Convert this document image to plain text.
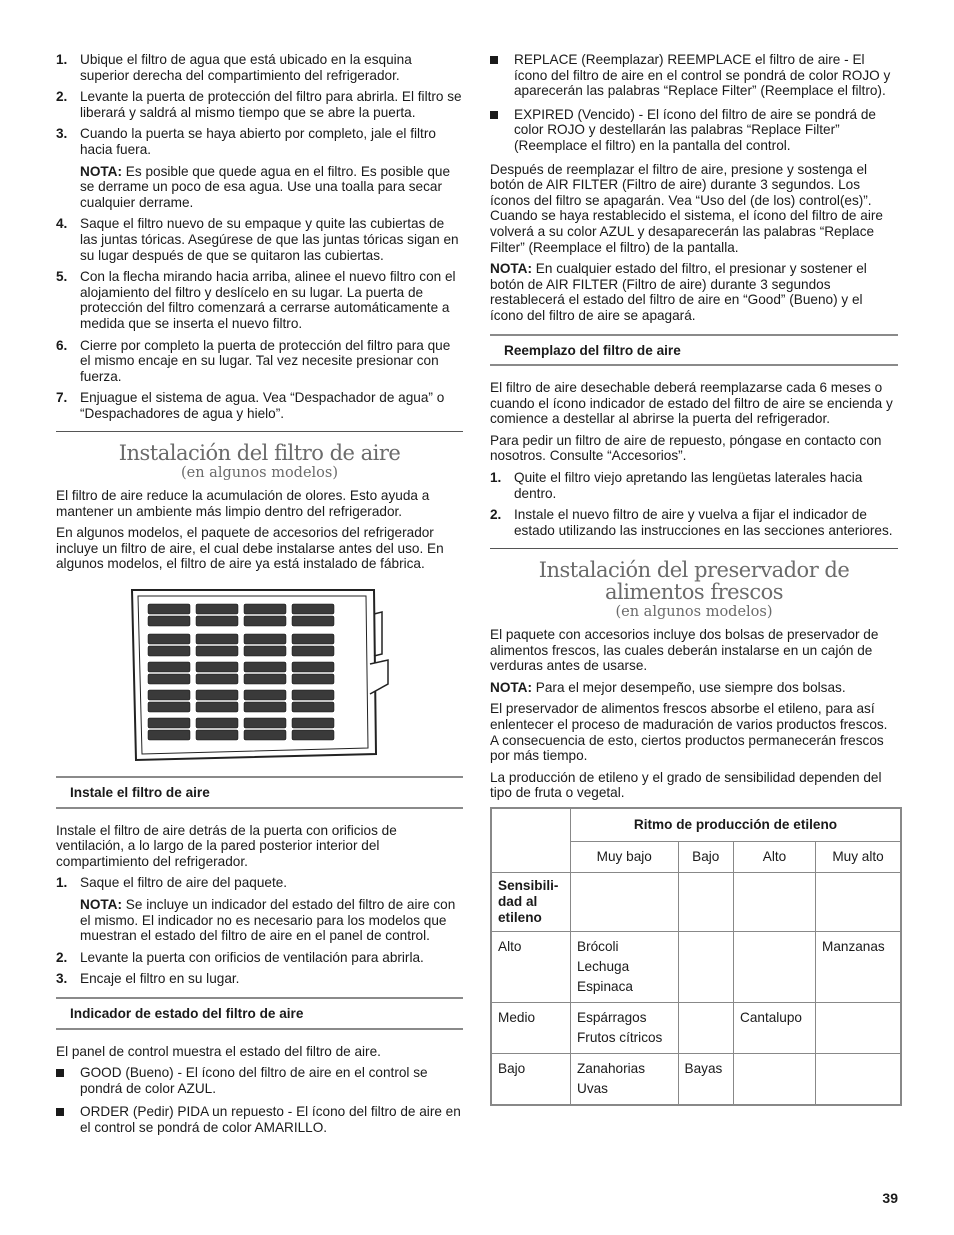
1. Ubique el filtro de agua que está ubicado en la esquina superior derecha del compartimiento del refrigerador.
2. Levante la puerta de protección del filtro para abrirla. El filtro se liberará y saldrá al mismo tiempo que se abre la puerta.
3. Cuando la puerta se haya abierto por completo, jale el filtro hacia fuera.
NOTA: Es posible que quede agua en el filtro. Es posible que se derrame un poco de esa agua. Use una toalla para secar cualquier derrame.
4. Saque el filtro nuevo de su empaque y quite las cubiertas de las juntas tóricas. Asegúrese de que las juntas tóricas sigan en su lugar después de que se quitaron las cubiertas.
5. Con la flecha mirando hacia arriba, alinee el nuevo filtro con el alojamiento del filtro y deslícelo en su lugar. La puerta de protección del filtro comenzará a cerrarse automáticamente a medida que se inserta el nuevo filtro.
6. Cierre por completo la puerta de protección del filtro para que el mismo encaje en su lugar. Tal vez necesite presionar con fuerza.
7. Enjuague el sistema de agua. Vea “Despachador de agua” o “Despachadores de agua y hielo”.
Instalación del filtro de aire
(en algunos modelos)

El filtro de aire reduce la acumulación de olores. Esto ayuda a mantener un ambiente más limpio dentro del refrigerador.

En algunos modelos, el paquete de accesorios del refrigerador incluye un filtro de aire, el cual debe instalarse antes del uso. En algunos modelos, el filtro de aire ya está instalado de fábrica.

Instale el filtro de aire

Instale el filtro de aire detrás de la puerta con orificios de ventilación, a lo largo de la pared posterior interior del compartimiento del refrigerador.

1. Saque el filtro de aire del paquete.
NOTA: Se incluye un indicador del estado del filtro de aire con el mismo. El indicador no es necesario para los modelos que muestran el estado del filtro de aire en el panel de control.
2. Levante la puerta con orificios de ventilación para abrirla.
3. Encaje el filtro en su lugar.
Indicador de estado del filtro de aire

El panel de control muestra el estado del filtro de aire.

GOOD (Bueno) - El ícono del filtro de aire en el control se pondrá de color AZUL.
ORDER (Pedir) PIDA un repuesto - El ícono del filtro de aire en el control se pondrá de color AMARILLO.
REPLACE (Reemplazar) REEMPLACE el filtro de aire - El ícono del filtro de aire en el control se pondrá de color ROJO y aparecerán las palabras “Replace Filter” (Reemplace el filtro).
EXPIRED (Vencido) - El ícono del filtro de aire se pondrá de color ROJO y destellarán las palabras “Replace Filter” (Reemplace el filtro) en la pantalla del control.

Después de reemplazar el filtro de aire, presione y sostenga el botón de AIR FILTER (Filtro de aire) durante 3 segundos. Los íconos del filtro se apagarán. Vea “Uso del (de los) control(es)”. Cuando se haya restablecido el sistema, el ícono del filtro de aire volverá a su color AZUL y desaparecerán las palabras “Replace Filter” (Reemplace el filtro) de la pantalla.

NOTA: En cualquier estado del filtro, el presionar y sostener el botón de AIR FILTER (Filtro de aire) durante 3 segundos restablecerá el estado del filtro de aire en “Good” (Bueno) y el ícono del filtro de aire se apagará.

Reemplazo del filtro de aire

El filtro de aire desechable deberá reemplazarse cada 6 meses o cuando el ícono indicador de estado del filtro de aire se encienda y comience a destellar al abrirse la puerta del refrigerador.

Para pedir un filtro de aire de repuesto, póngase en contacto con nosotros. Consulte “Accesorios”.

1. Quite el filtro viejo apretando las lengüetas laterales hacia dentro.
2. Instale el nuevo filtro de aire y vuelva a fijar el indicador de estado utilizando las instrucciones en las secciones anteriores.
Instalación del preservador de
alimentos frescos
(en algunos modelos)

El paquete con accesorios incluye dos bolsas de preservador de alimentos frescos, las cuales deberán instalarse en un cajón de verduras antes de usarse.

NOTA: Para el mejor desempeño, use siempre dos bolsas.

El preservador de alimentos frescos absorbe el etileno, para así enlentecer el proceso de maduración de varios productos frescos. A consecuencia de esto, ciertos productos permanecerán frescos por más tiempo.

La producción de etileno y el grado de sensibilidad dependen del tipo de fruta o vegetal.

	Ritmo de producción de etileno			
	Muy bajo	Bajo	Alto	Muy alto
Sensibili- dad al etileno				
Alto	Brócoli
Lechuga
Espinaca			Manzanas

Medio	Espárragos
Frutos cítricos		Cantalupo	

Bajo	Zanahorias
Uvas	Bayas		

39
